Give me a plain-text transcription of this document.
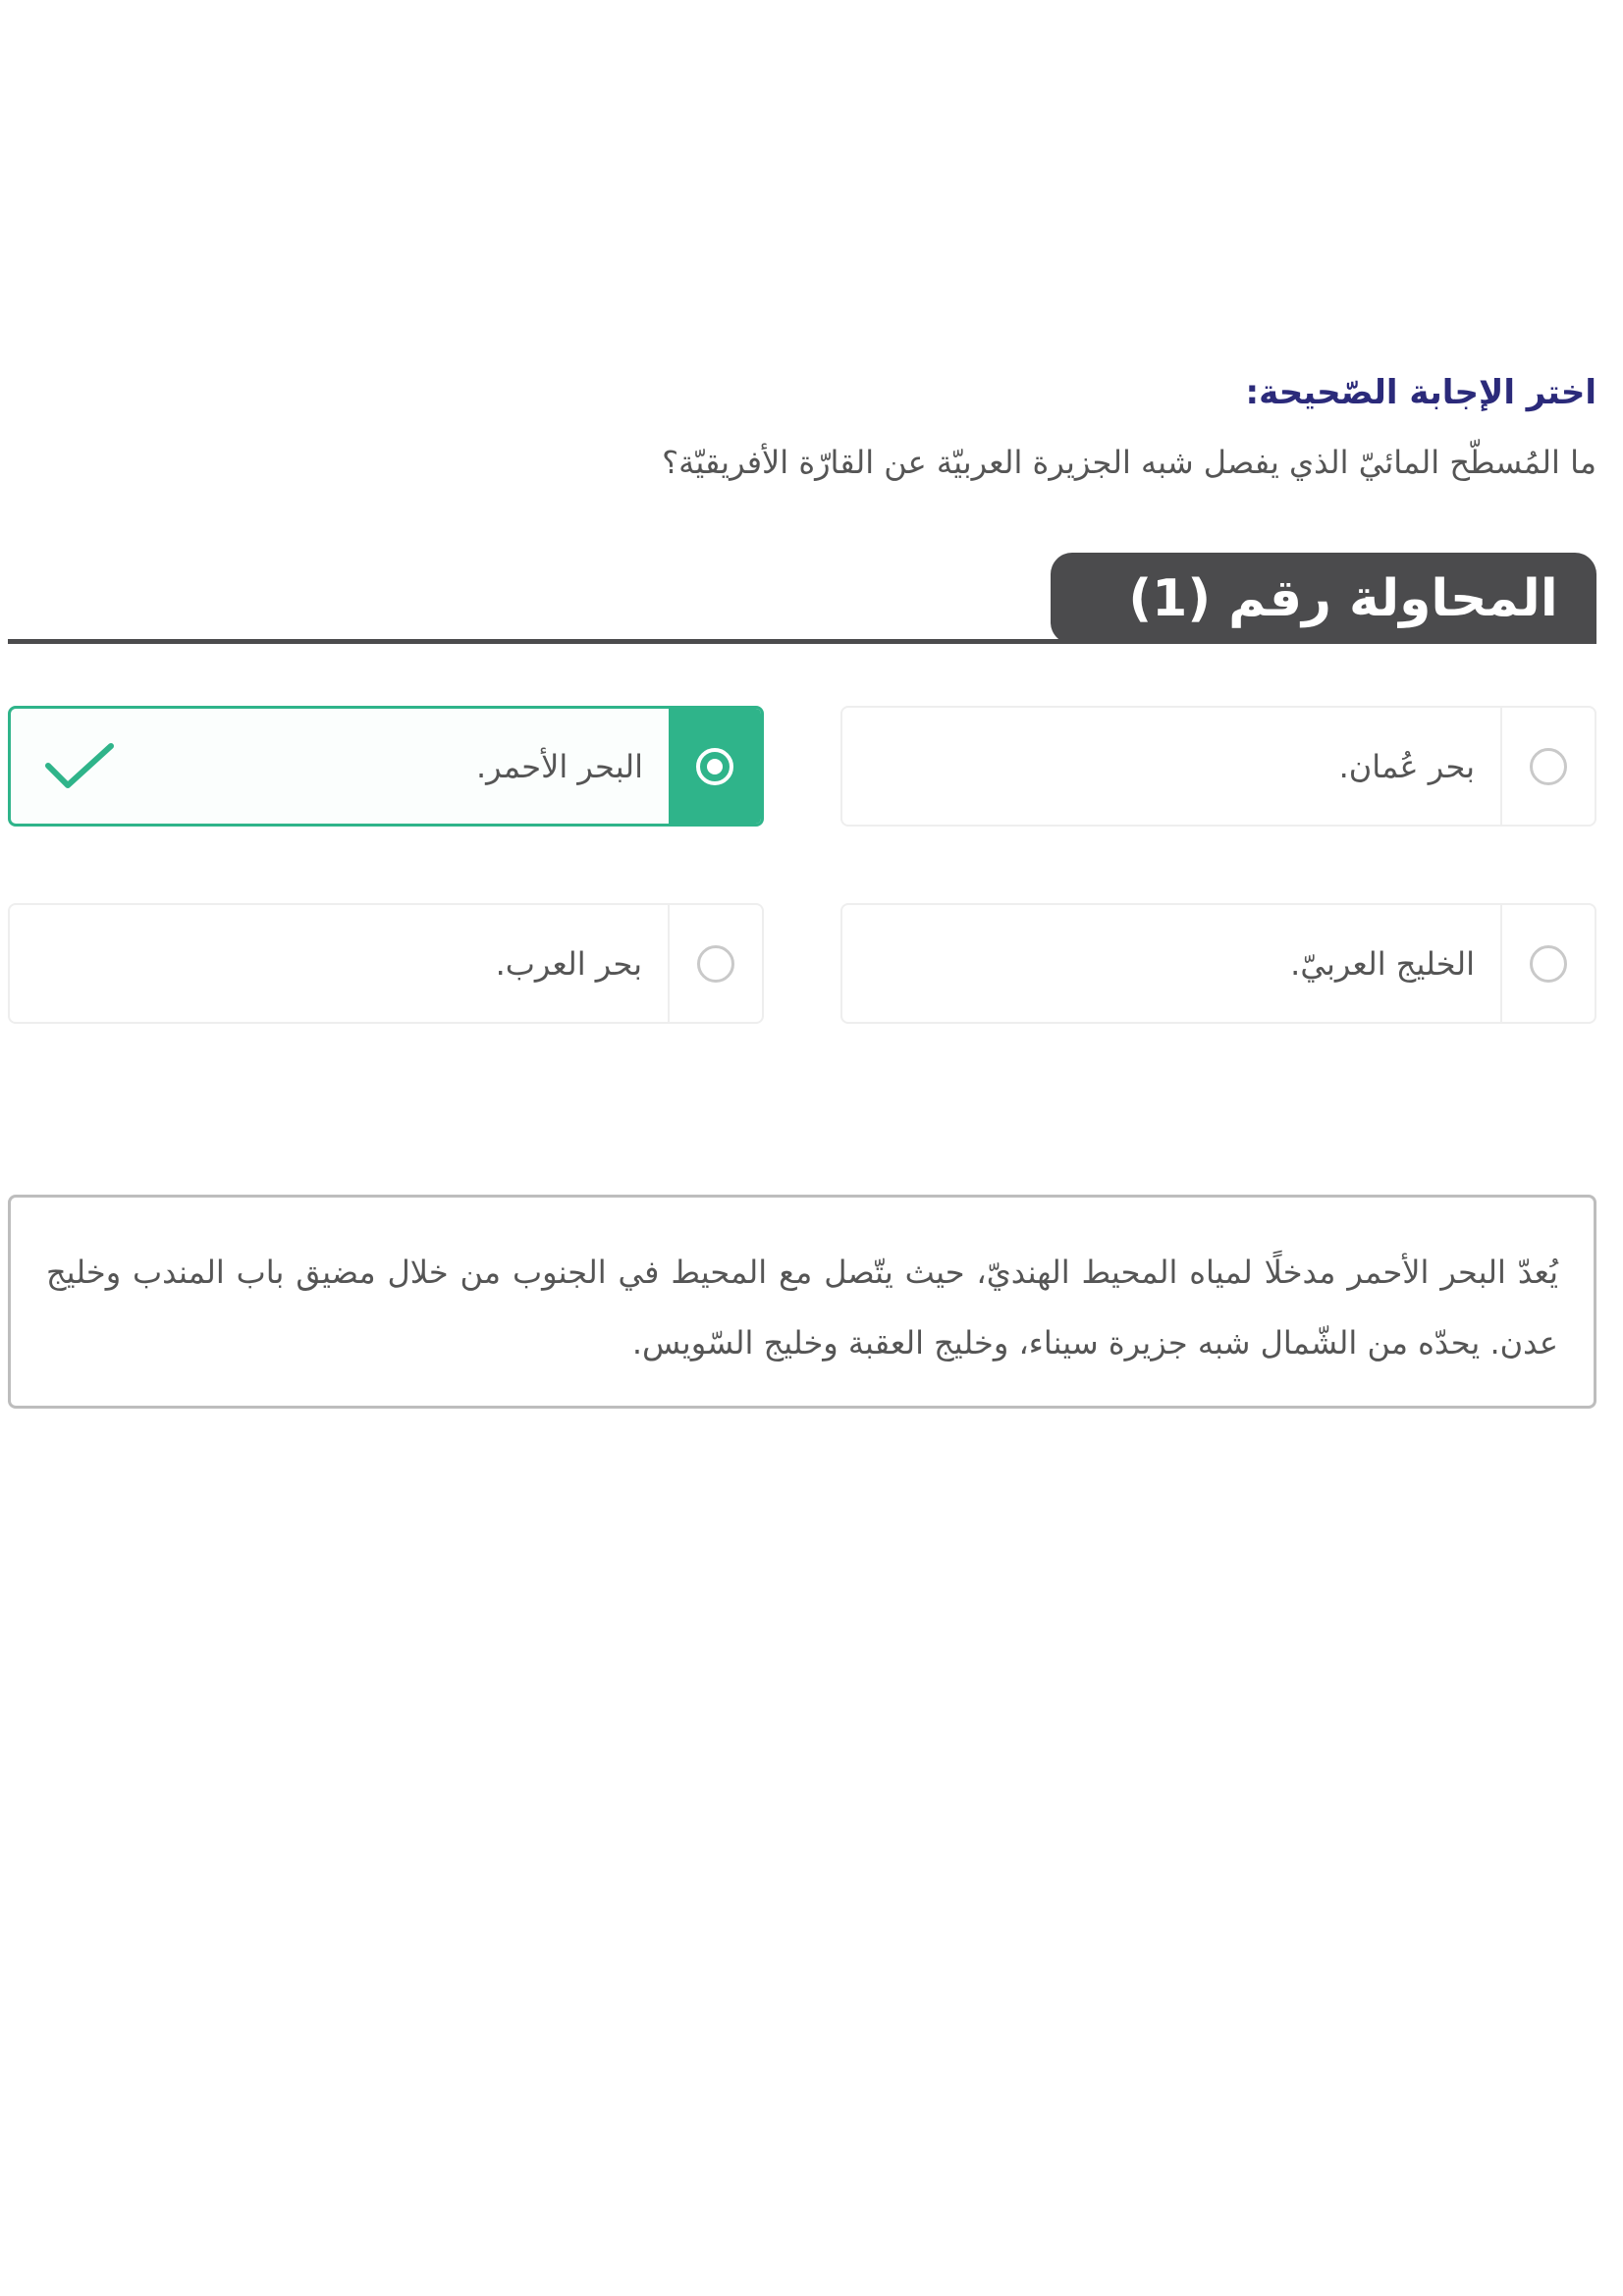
اختر الإجابة الصّحيحة:

ما المُسطّح المائيّ الذي يفصل شبه الجزيرة العربيّة عن القارّة الأفريقيّة؟

المحاولة رقم (1)
بحر عُمان.
البحر الأحمر.
الخليج العربيّ.
بحر العرب.
يُعدّ البحر الأحمر مدخلًا لمياه المحيط الهنديّ، حيث يتّصل مع المحيط في الجنوب من خلال مضيق باب المندب وخليج عدن. يحدّه من الشّمال شبه جزيرة سيناء، وخليج العقبة وخليج السّويس.
